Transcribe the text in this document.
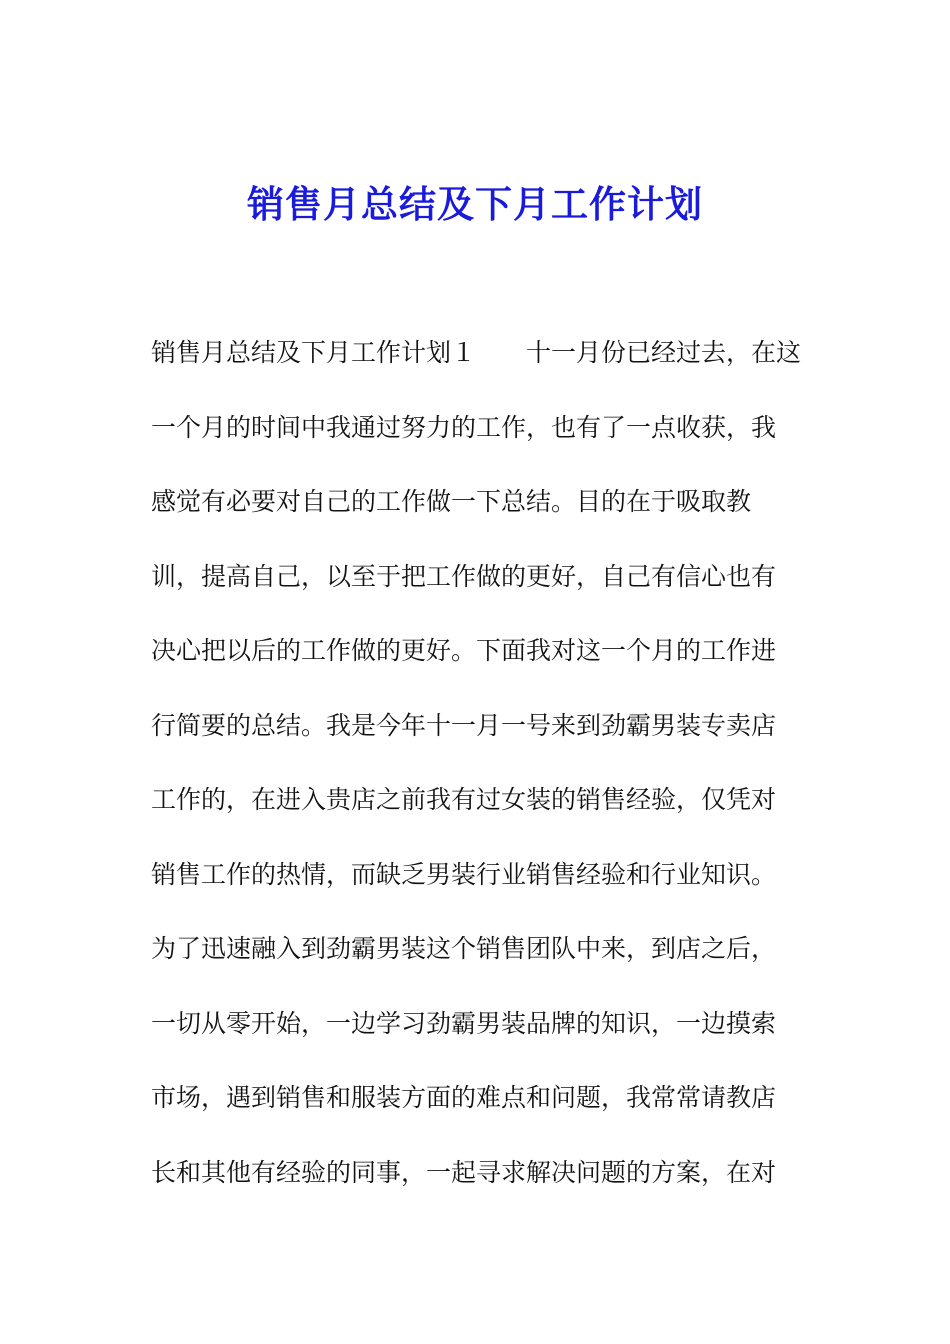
销售月总结及下月工作计划
销售月总结及下月工作计划１ 十一月份已经过去，在这
一个月的时间中我通过努力的工作，也有了一点收获，我
感觉有必要对自己的工作做一下总结。目的在于吸取教
训，提高自己，以至于把工作做的更好，自己有信心也有
决心把以后的工作做的更好。下面我对这一个月的工作进
行简要的总结。我是今年十一月一号来到劲霸男装专卖店
工作的，在进入贵店之前我有过女装的销售经验，仅凭对
销售工作的热情，而缺乏男装行业销售经验和行业知识。
为了迅速融入到劲霸男装这个销售团队中来，到店之后，
一切从零开始，一边学习劲霸男装品牌的知识，一边摸索
市场，遇到销售和服装方面的难点和问题，我常常请教店
长和其他有经验的同事，一起寻求解决问题的方案，在对
